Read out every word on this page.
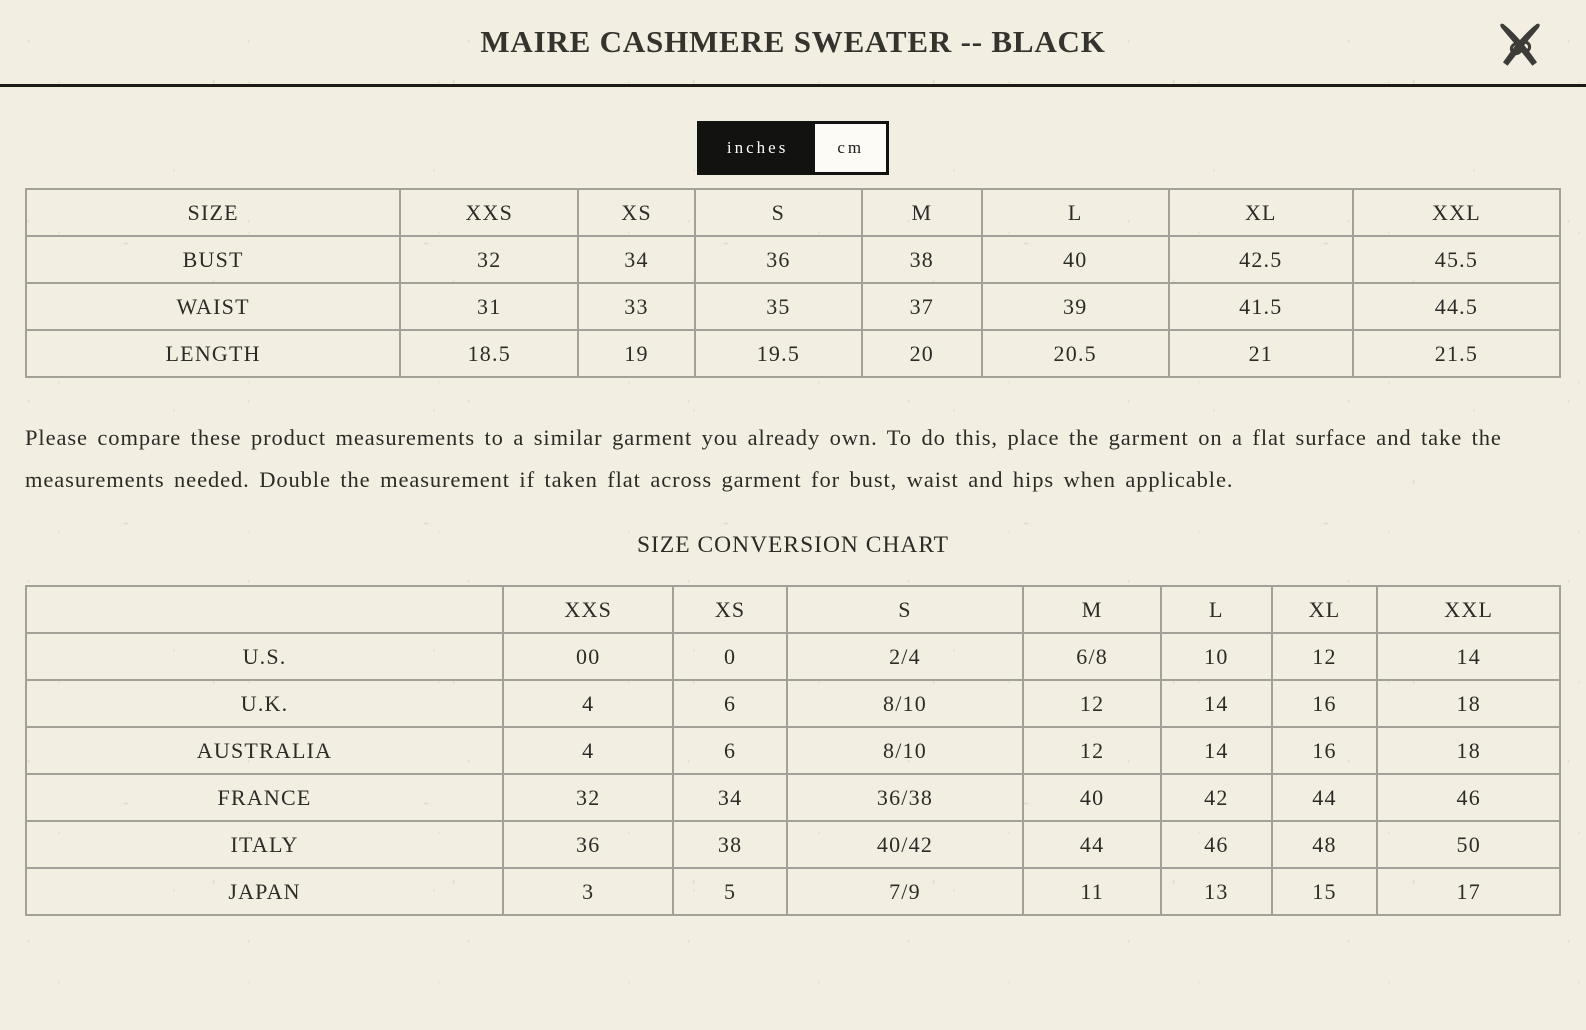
MAIRE CASHMERE SWEATER -- BLACK
inches	cm
SIZE	XXS	XS	S	M	L	XL	XXL
BUST	32	34	36	38	40	42.5	45.5
WAIST	31	33	35	37	39	41.5	44.5
LENGTH	18.5	19	19.5	20	20.5	21	21.5

Please compare these product measurements to a similar garment you already own. To do this, place the garment on a flat surface and take the measurements needed. Double the measurement if taken flat across garment for bust, waist and hips when applicable.

SIZE CONVERSION CHART
	XXS	XS	S	M	L	XL	XXL
U.S.	00	0	2/4	6/8	10	12	14
U.K.	4	6	8/10	12	14	16	18
AUSTRALIA	4	6	8/10	12	14	16	18
FRANCE	32	34	36/38	40	42	44	46
ITALY	36	38	40/42	44	46	48	50
JAPAN	3	5	7/9	11	13	15	17
